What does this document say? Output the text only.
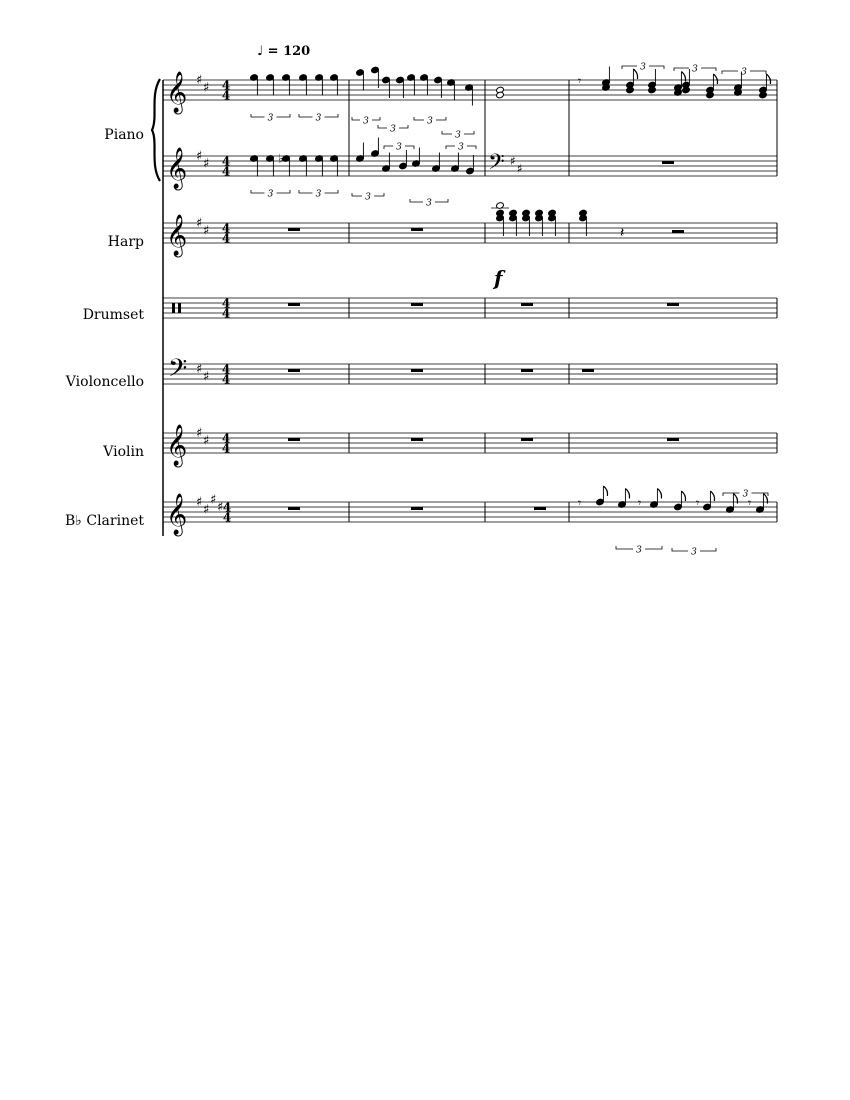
♩ = 120
Piano
Harp
Drumset
Violoncello
Violin
B♭ Clarinet
𝄞 ♯ ♯ 4
4
𝄞 ♯ ♯ 4
4
𝄞 ♯ ♯ 4
4
4
4
𝄢 ♯ ♯ 4
4
𝄞 ♯ ♯ 4
4
𝄞 ♯ ♯
♯ ♯ 4
4
𝄢 ♯
♯
3	3	3
3
3
3
𝄾
3	3	3
♭
3	3	3
3
3
3
𝄽
𝄾	𝄾	𝄾	𝄾
3	3
3
f
